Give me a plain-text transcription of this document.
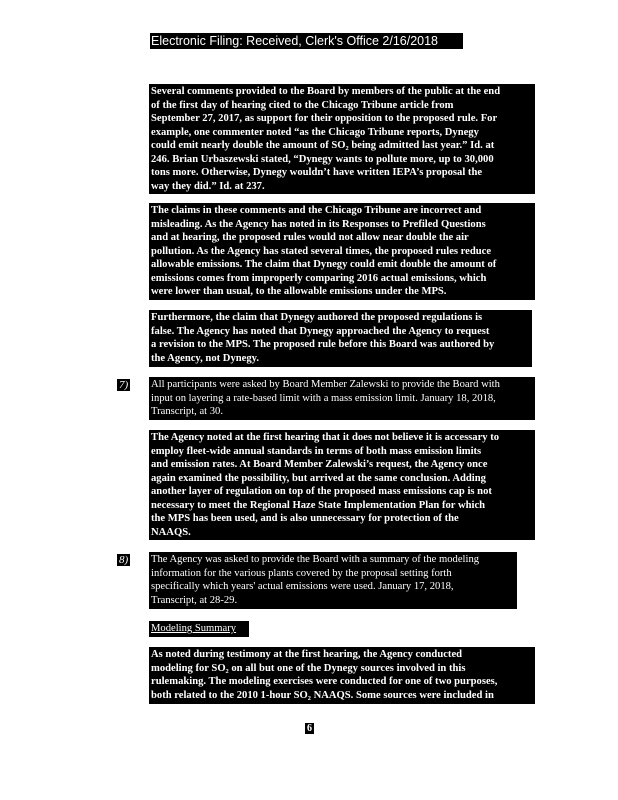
Electronic Filing: Received, Clerk's Office 2/16/2018
Several comments provided to the Board by members of the public at the end
of the first day of hearing cited to the Chicago Tribune article from
September 27, 2017, as support for their opposition to the proposed rule. For
example, one commenter noted “as the Chicago Tribune reports, Dynegy
could emit nearly double the amount of SO₂ being admitted last year.” Id. at
246. Brian Urbaszewski stated, “Dynegy wants to pollute more, up to 30,000
tons more. Otherwise, Dynegy wouldn’t have written IEPA’s proposal the
way they did.” Id. at 237.
The claims in these comments and the Chicago Tribune are incorrect and
misleading. As the Agency has noted in its Responses to Prefiled Questions
and at hearing, the proposed rules would not allow near double the air
pollution. As the Agency has stated several times, the proposed rules reduce
allowable emissions. The claim that Dynegy could emit double the amount of
emissions comes from improperly comparing 2016 actual emissions, which
were lower than usual, to the allowable emissions under the MPS.
Furthermore, the claim that Dynegy authored the proposed regulations is
false. The Agency has noted that Dynegy approached the Agency to request
a revision to the MPS. The proposed rule before this Board was authored by
the Agency, not Dynegy.
7) All participants were asked by Board Member Zalewski to provide the Board with
input on layering a rate-based limit with a mass emission limit. January 18, 2018,
Transcript, at 30.
The Agency noted at the first hearing that it does not believe it is accessary to
employ fleet-wide annual standards in terms of both mass emission limits
and emission rates. At Board Member Zalewski’s request, the Agency once
again examined the possibility, but arrived at the same conclusion. Adding
another layer of regulation on top of the proposed mass emissions cap is not
necessary to meet the Regional Haze State Implementation Plan for which
the MPS has been used, and is also unnecessary for protection of the
NAAQS.
8) The Agency was asked to provide the Board with a summary of the modeling
information for the various plants covered by the proposal setting forth
specifically which years' actual emissions were used. January 17, 2018,
Transcript, at 28-29.
Modeling Summary
As noted during testimony at the first hearing, the Agency conducted
modeling for SO₂ on all but one of the Dynegy sources involved in this
rulemaking. The modeling exercises were conducted for one of two purposes,
both related to the 2010 1-hour SO₂ NAAQS. Some sources were included in
6
